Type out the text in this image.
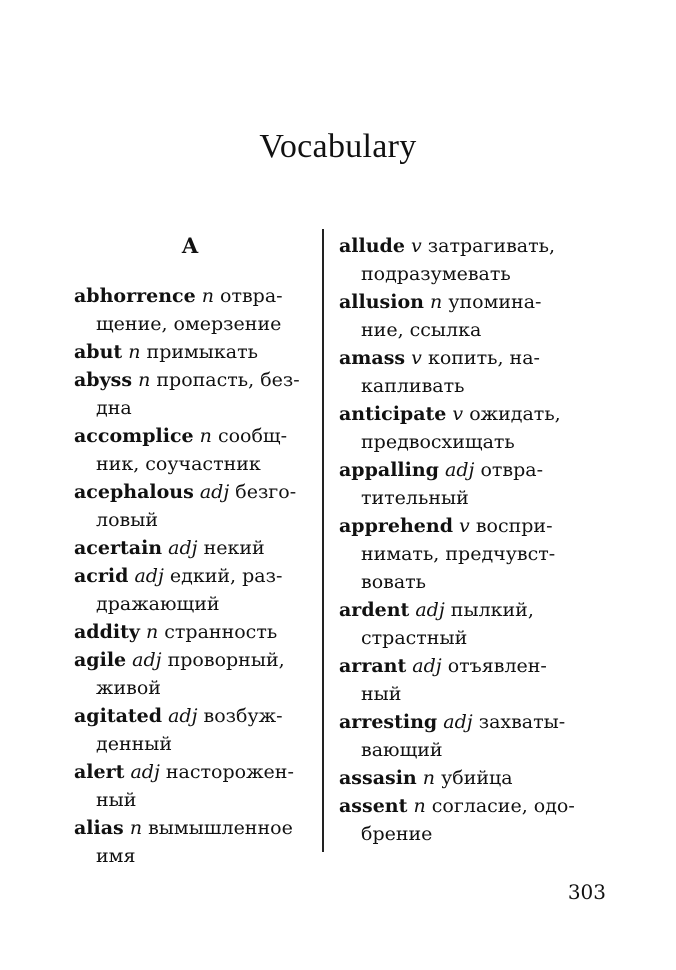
Vocabulary
A
abhorrence n отвра-
щение, омерзение
abut n примыкать
abyss n пропасть, без-
дна
accomplice n сообщ-
ник, соучастник
acephalous adj безго-
ловый
acertain adj некий
acrid adj едкий, раз-
дражающий
addity n странность
agile adj проворный,
живой
agitated adj возбуж-
денный
alert adj насторожен-
ный
alias n вымышленное
имя
allude v затрагивать,
подразумевать
allusion n упомина-
ние, ссылка
amass v копить, на-
капливать
anticipate v ожидать,
предвосхищать
appalling adj отвра-
тительный
apprehend v воспри-
нимать, предчувст-
вовать
ardent adj пылкий,
страстный
arrant adj отъявлен-
ный
arresting adj захваты-
вающий
assasin n убийца
assent n согласие, одо-
брение
303
